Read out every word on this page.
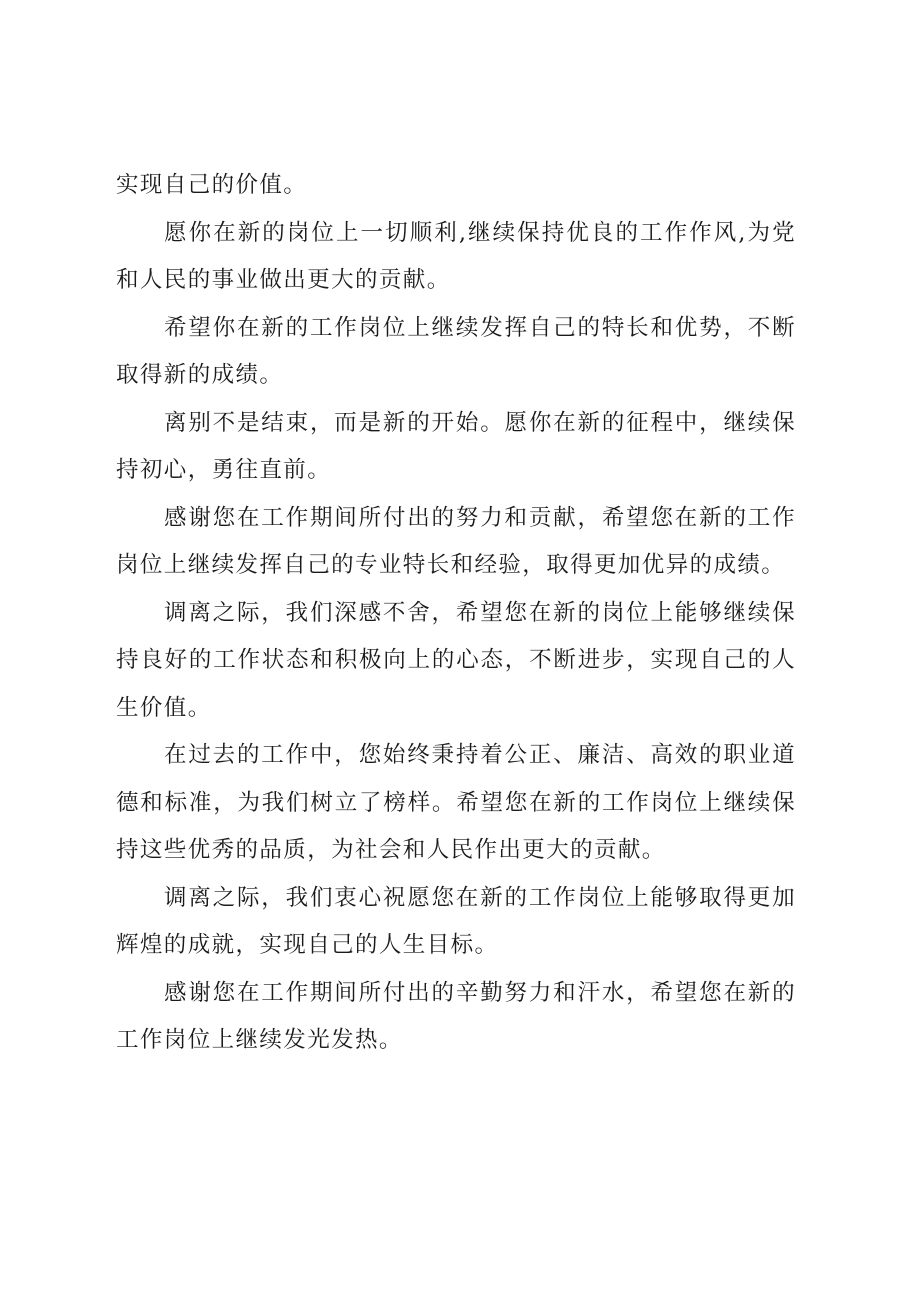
实现自己的价值。

愿你在新的岗位上一切顺利,继续保持优良的工作作风,为党和人民的事业做出更大的贡献。

希望你在新的工作岗位上继续发挥自己的特长和优势，不断取得新的成绩。

离别不是结束，而是新的开始。愿你在新的征程中，继续保持初心，勇往直前。

感谢您在工作期间所付出的努力和贡献，希望您在新的工作岗位上继续发挥自己的专业特长和经验，取得更加优异的成绩。

调离之际，我们深感不舍，希望您在新的岗位上能够继续保持良好的工作状态和积极向上的心态，不断进步，实现自己的人生价值。

在过去的工作中，您始终秉持着公正、廉洁、高效的职业道德和标准，为我们树立了榜样。希望您在新的工作岗位上继续保持这些优秀的品质，为社会和人民作出更大的贡献。

调离之际，我们衷心祝愿您在新的工作岗位上能够取得更加辉煌的成就，实现自己的人生目标。

感谢您在工作期间所付出的辛勤努力和汗水，希望您在新的工作岗位上继续发光发热。
